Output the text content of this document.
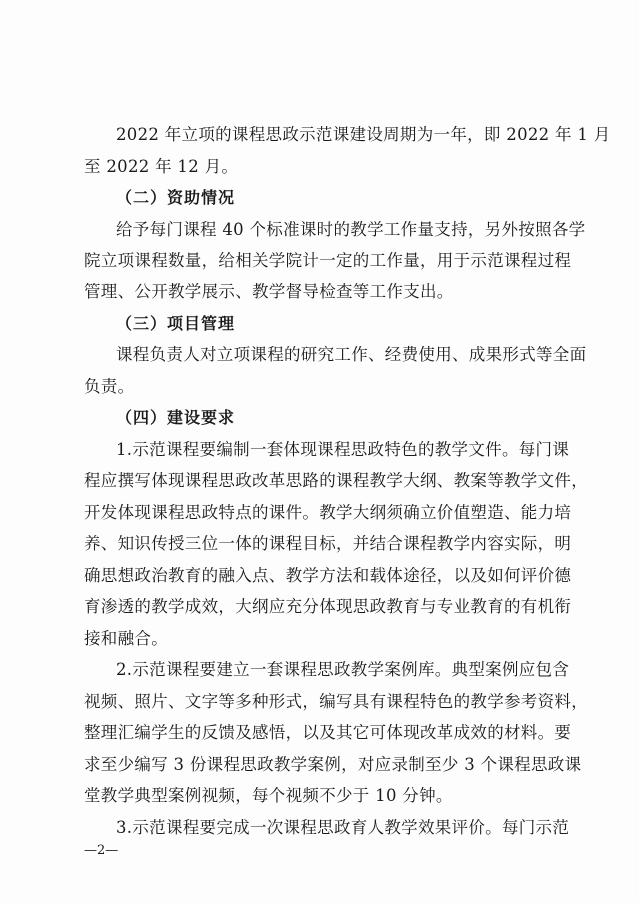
2022 年立项的课程思政示范课建设周期为一年，即 2022 年 1 月
至 2022 年 12 月。
（二）资助情况
给予每门课程 40 个标准课时的教学工作量支持，另外按照各学
院立项课程数量，给相关学院计一定的工作量，用于示范课程过程
管理、公开教学展示、教学督导检查等工作支出。
（三）项目管理
课程负责人对立项课程的研究工作、经费使用、成果形式等全面
负责。
（四）建设要求
1.示范课程要编制一套体现课程思政特色的教学文件。每门课
程应撰写体现课程思政改革思路的课程教学大纲、教案等教学文件，
开发体现课程思政特点的课件。教学大纲须确立价值塑造、能力培
养、知识传授三位一体的课程目标，并结合课程教学内容实际，明
确思想政治教育的融入点、教学方法和载体途径，以及如何评价德
育渗透的教学成效，大纲应充分体现思政教育与专业教育的有机衔
接和融合。
2.示范课程要建立一套课程思政教学案例库。典型案例应包含
视频、照片、文字等多种形式，编写具有课程特色的教学参考资料，
整理汇编学生的反馈及感悟，以及其它可体现改革成效的材料。要
求至少编写 3 份课程思政教学案例，对应录制至少 3 个课程思政课
堂教学典型案例视频，每个视频不少于 10 分钟。
3.示范课程要完成一次课程思政育人教学效果评价。每门示范
—2—
